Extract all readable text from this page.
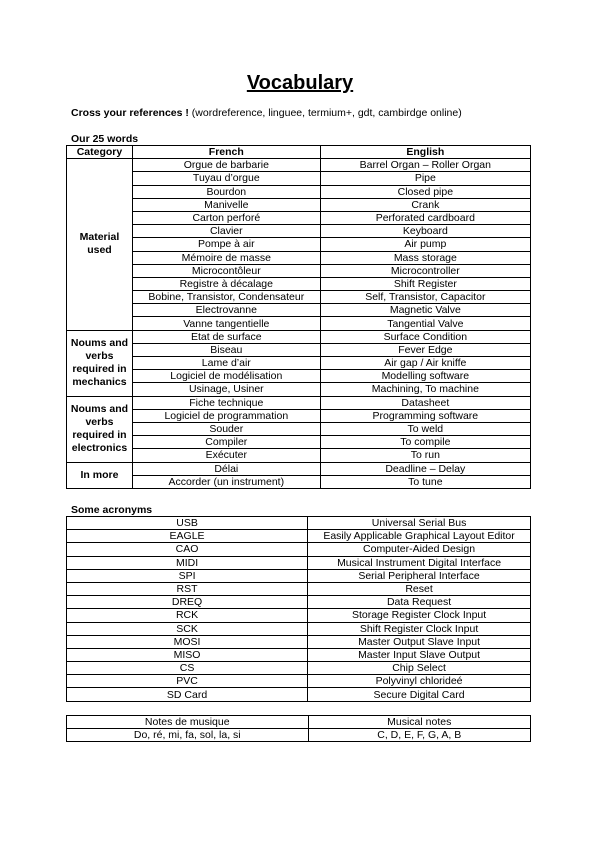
Vocabulary
Cross your references ! (wordreference, linguee, termium+, gdt, cambirdge online)
Our 25 words
Category	French	English
Material used	Orgue de barbarie	Barrel Organ – Roller Organ
	Tuyau d’orgue	Pipe
	Bourdon	Closed pipe
	Manivelle	Crank
	Carton perforé	Perforated cardboard
	Clavier	Keyboard
	Pompe à air	Air pump
	Mémoire de masse	Mass storage
	Microcontôleur	Microcontroller
	Registre à décalage	Shift Register
	Bobine, Transistor, Condensateur	Self, Transistor, Capacitor
	Electrovanne	Magnetic Valve
	Vanne tangentielle	Tangential Valve
Noums and verbs required in mechanics	Etat de surface	Surface Condition
	Biseau	Fever Edge
	Lame d’air	Air gap / Air kniffe
	Logiciel de modélisation	Modelling software
	Usinage, Usiner	Machining, To machine
Noums and verbs required in electronics	Fiche technique	Datasheet
	Logiciel de programmation	Programming software
	Souder	To weld
	Compiler	To compile
	Exécuter	To run
In more	Délai	Deadline – Delay
	Accorder (un instrument)	To tune
Some acronyms
USB	Universal Serial Bus
EAGLE	Easily Applicable Graphical Layout Editor
CAO	Computer-Aided Design
MIDI	Musical Instrument Digital Interface
SPI	Serial Peripheral Interface
RST	Reset
DREQ	Data Request
RCK	Storage Register Clock Input
SCK	Shift Register Clock Input
MOSI	Master Output Slave Input
MISO	Master Input Slave Output
CS	Chip Select
PVC	Polyvinyl chlorideé
SD Card	Secure Digital Card
Notes de musique	Musical notes
Do, ré, mi, fa, sol, la, si	C, D, E, F, G, A, B
